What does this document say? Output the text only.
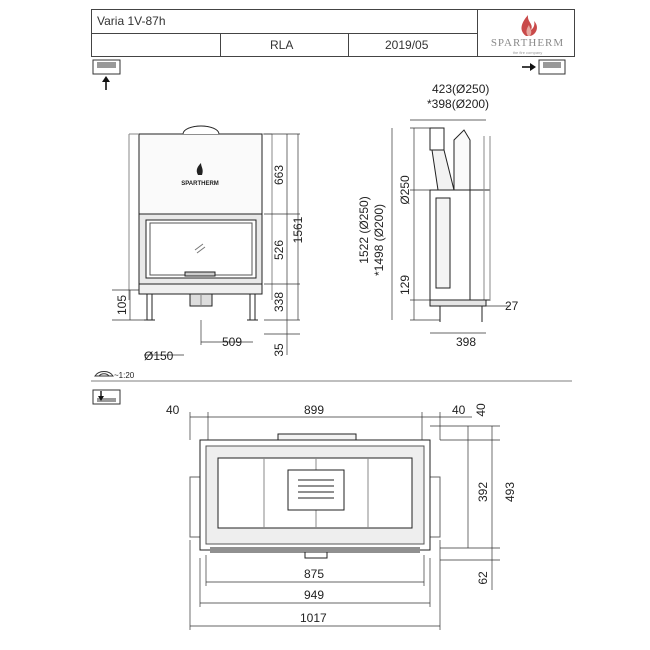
Varia 1V-87h
RLA	2019/05	SPARTHERM
the fire company
~1:20
SPARTHERM	663
526
338
35
1561
105
509
Ø150
423(Ø250)
*398(Ø200)
Ø250
1522 (Ø250) *1498 (Ø200)
129
27
398
40	899	40 40
392 493
62
875
949
1017
